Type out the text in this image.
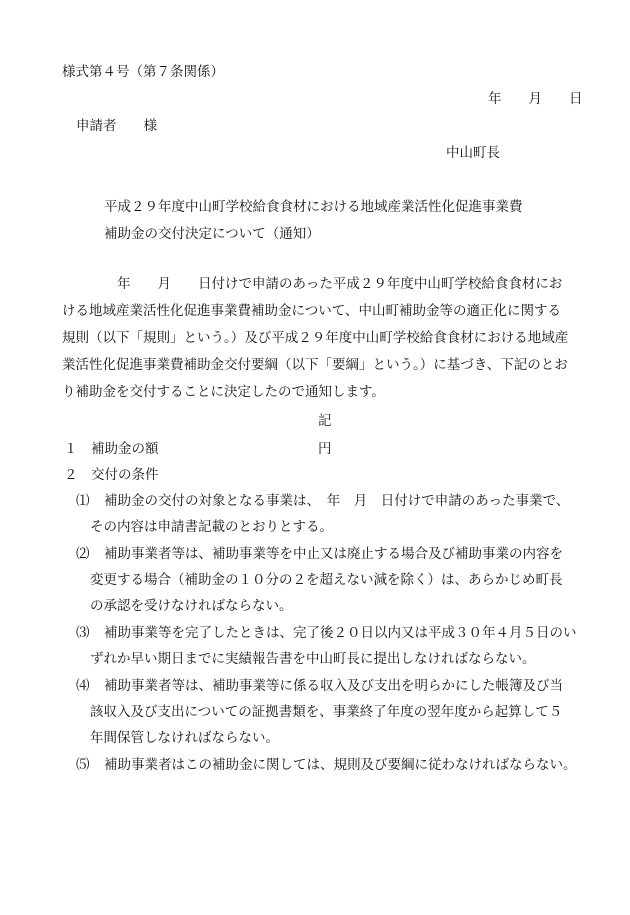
様式第４号（第７条関係）
年　　月　　日
申請者　　様
中山町長
平成２９年度中山町学校給食食材における地域産業活性化促進事業費
補助金の交付決定について（通知）
年　　月　　日付けで申請のあった平成２９年度中山町学校給食食材にお
ける地域産業活性化促進事業費補助金について、中山町補助金等の適正化に関する
規則（以下「規則」という。）及び平成２９年度中山町学校給食食材における地域産
業活性化促進事業費補助金交付要綱（以下「要綱」という。）に基づき、下記のとお
り補助金を交付することに決定したので通知します。
記
１　補助金の額	円
２　交付の条件
⑴ 補助金の交付の対象となる事業は、　年　月　日付けで申請のあった事業で、
その内容は申請書記載のとおりとする。
⑵ 補助事業者等は、補助事業等を中止又は廃止する場合及び補助事業の内容を
変更する場合（補助金の１０分の２を超えない減を除く）は、あらかじめ町長
の承認を受けなければならない。
⑶ 補助事業等を完了したときは、完了後２０日以内又は平成３０年４月５日のい
ずれか早い期日までに実績報告書を中山町長に提出しなければならない。
⑷ 補助事業者等は、補助事業等に係る収入及び支出を明らかにした帳簿及び当
該収入及び支出についての証拠書類を、事業終了年度の翌年度から起算して５
年間保管しなければならない。
⑸ 補助事業者はこの補助金に関しては、規則及び要綱に従わなければならない。
